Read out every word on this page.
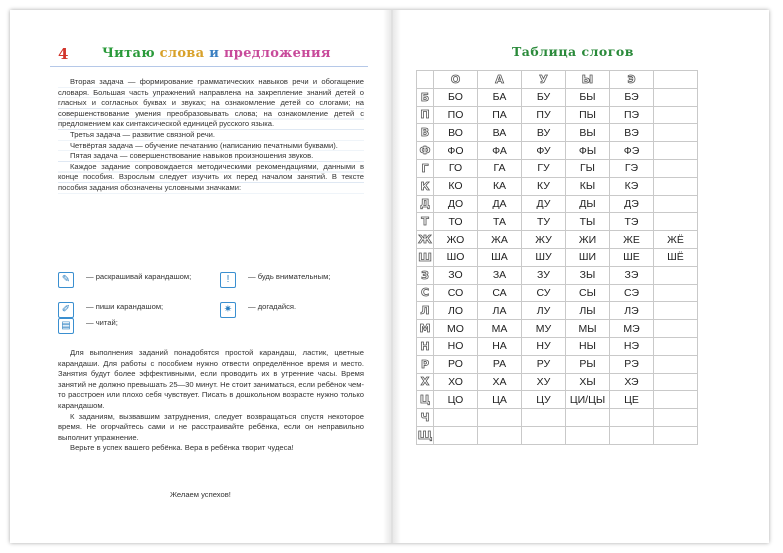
4	Читаю слова и предложения

Вторая задача — формирование грамматических навыков речи и обогащение словаря. Большая часть упражнений направлена на закрепление знаний детей о гласных и согласных буквах и звуках; на ознакомление детей со слогами; на совершенствование умения преобразовывать слова; на ознакомление детей с предложением как синтаксической единицей русского языка.

Третья задача — развитие связной речи.

Четвёртая задача — обучение печатанию (написанию печатными буквами).

Пятая задача — совершенствование навыков произношения звуков.

Каждое задание сопровождается методическими рекомендациями, данными в конце пособия. Взрослым следует изучить их перед началом занятий. В тексте пособия задания обозначены условными значками:

✎	— раскрашивай карандашом;	!	— будь внимательным;
✐	— пиши карандашом;	✷	— догадайся.
▤	— читай;

Для выполнения заданий понадобятся простой карандаш, ластик, цветные карандаши. Для работы с пособием нужно отвести определённое время и место. Занятия будут более эффективными, если проводить их в утренние часы. Время занятий не должно превышать 25—30 минут. Не стоит заниматься, если ребёнок чем-то расстроен или плохо себя чувствует. Писать в дошкольном возрасте нужно только карандашом.

К заданиям, вызвавшим затруднения, следует возвращаться спустя некоторое время. Не огорчайтесь сами и не расстраивайте ребёнка, если он неправильно выполнит упражнение.

Верьте в успех вашего ребёнка. Вера в ребёнка творит чудеса!

Желаем успехов!
Таблица слогов
	О	А	У	Ы	Э	
Б	БО	БА	БУ	БЫ	БЭ	
П	ПО	ПА	ПУ	ПЫ	ПЭ	
В	ВО	ВА	ВУ	ВЫ	ВЭ	
Ф	ФО	ФА	ФУ	ФЫ	ФЭ	
Г	ГО	ГА	ГУ	ГЫ	ГЭ	
К	КО	КА	КУ	КЫ	КЭ	
Д	ДО	ДА	ДУ	ДЫ	ДЭ	
Т	ТО	ТА	ТУ	ТЫ	ТЭ	
Ж	ЖО	ЖА	ЖУ	ЖИ	ЖЕ	ЖЁ
Ш	ШО	ША	ШУ	ШИ	ШЕ	ШЁ
З	ЗО	ЗА	ЗУ	ЗЫ	ЗЭ	
С	СО	СА	СУ	СЫ	СЭ	
Л	ЛО	ЛА	ЛУ	ЛЫ	ЛЭ	
М	МО	МА	МУ	МЫ	МЭ	
Н	НО	НА	НУ	НЫ	НЭ	
Р	РО	РА	РУ	РЫ	РЭ	
Х	ХО	ХА	ХУ	ХЫ	ХЭ	
Ц	ЦО	ЦА	ЦУ	ЦИ/ЦЫ	ЦЕ	
Ч						
Щ						
